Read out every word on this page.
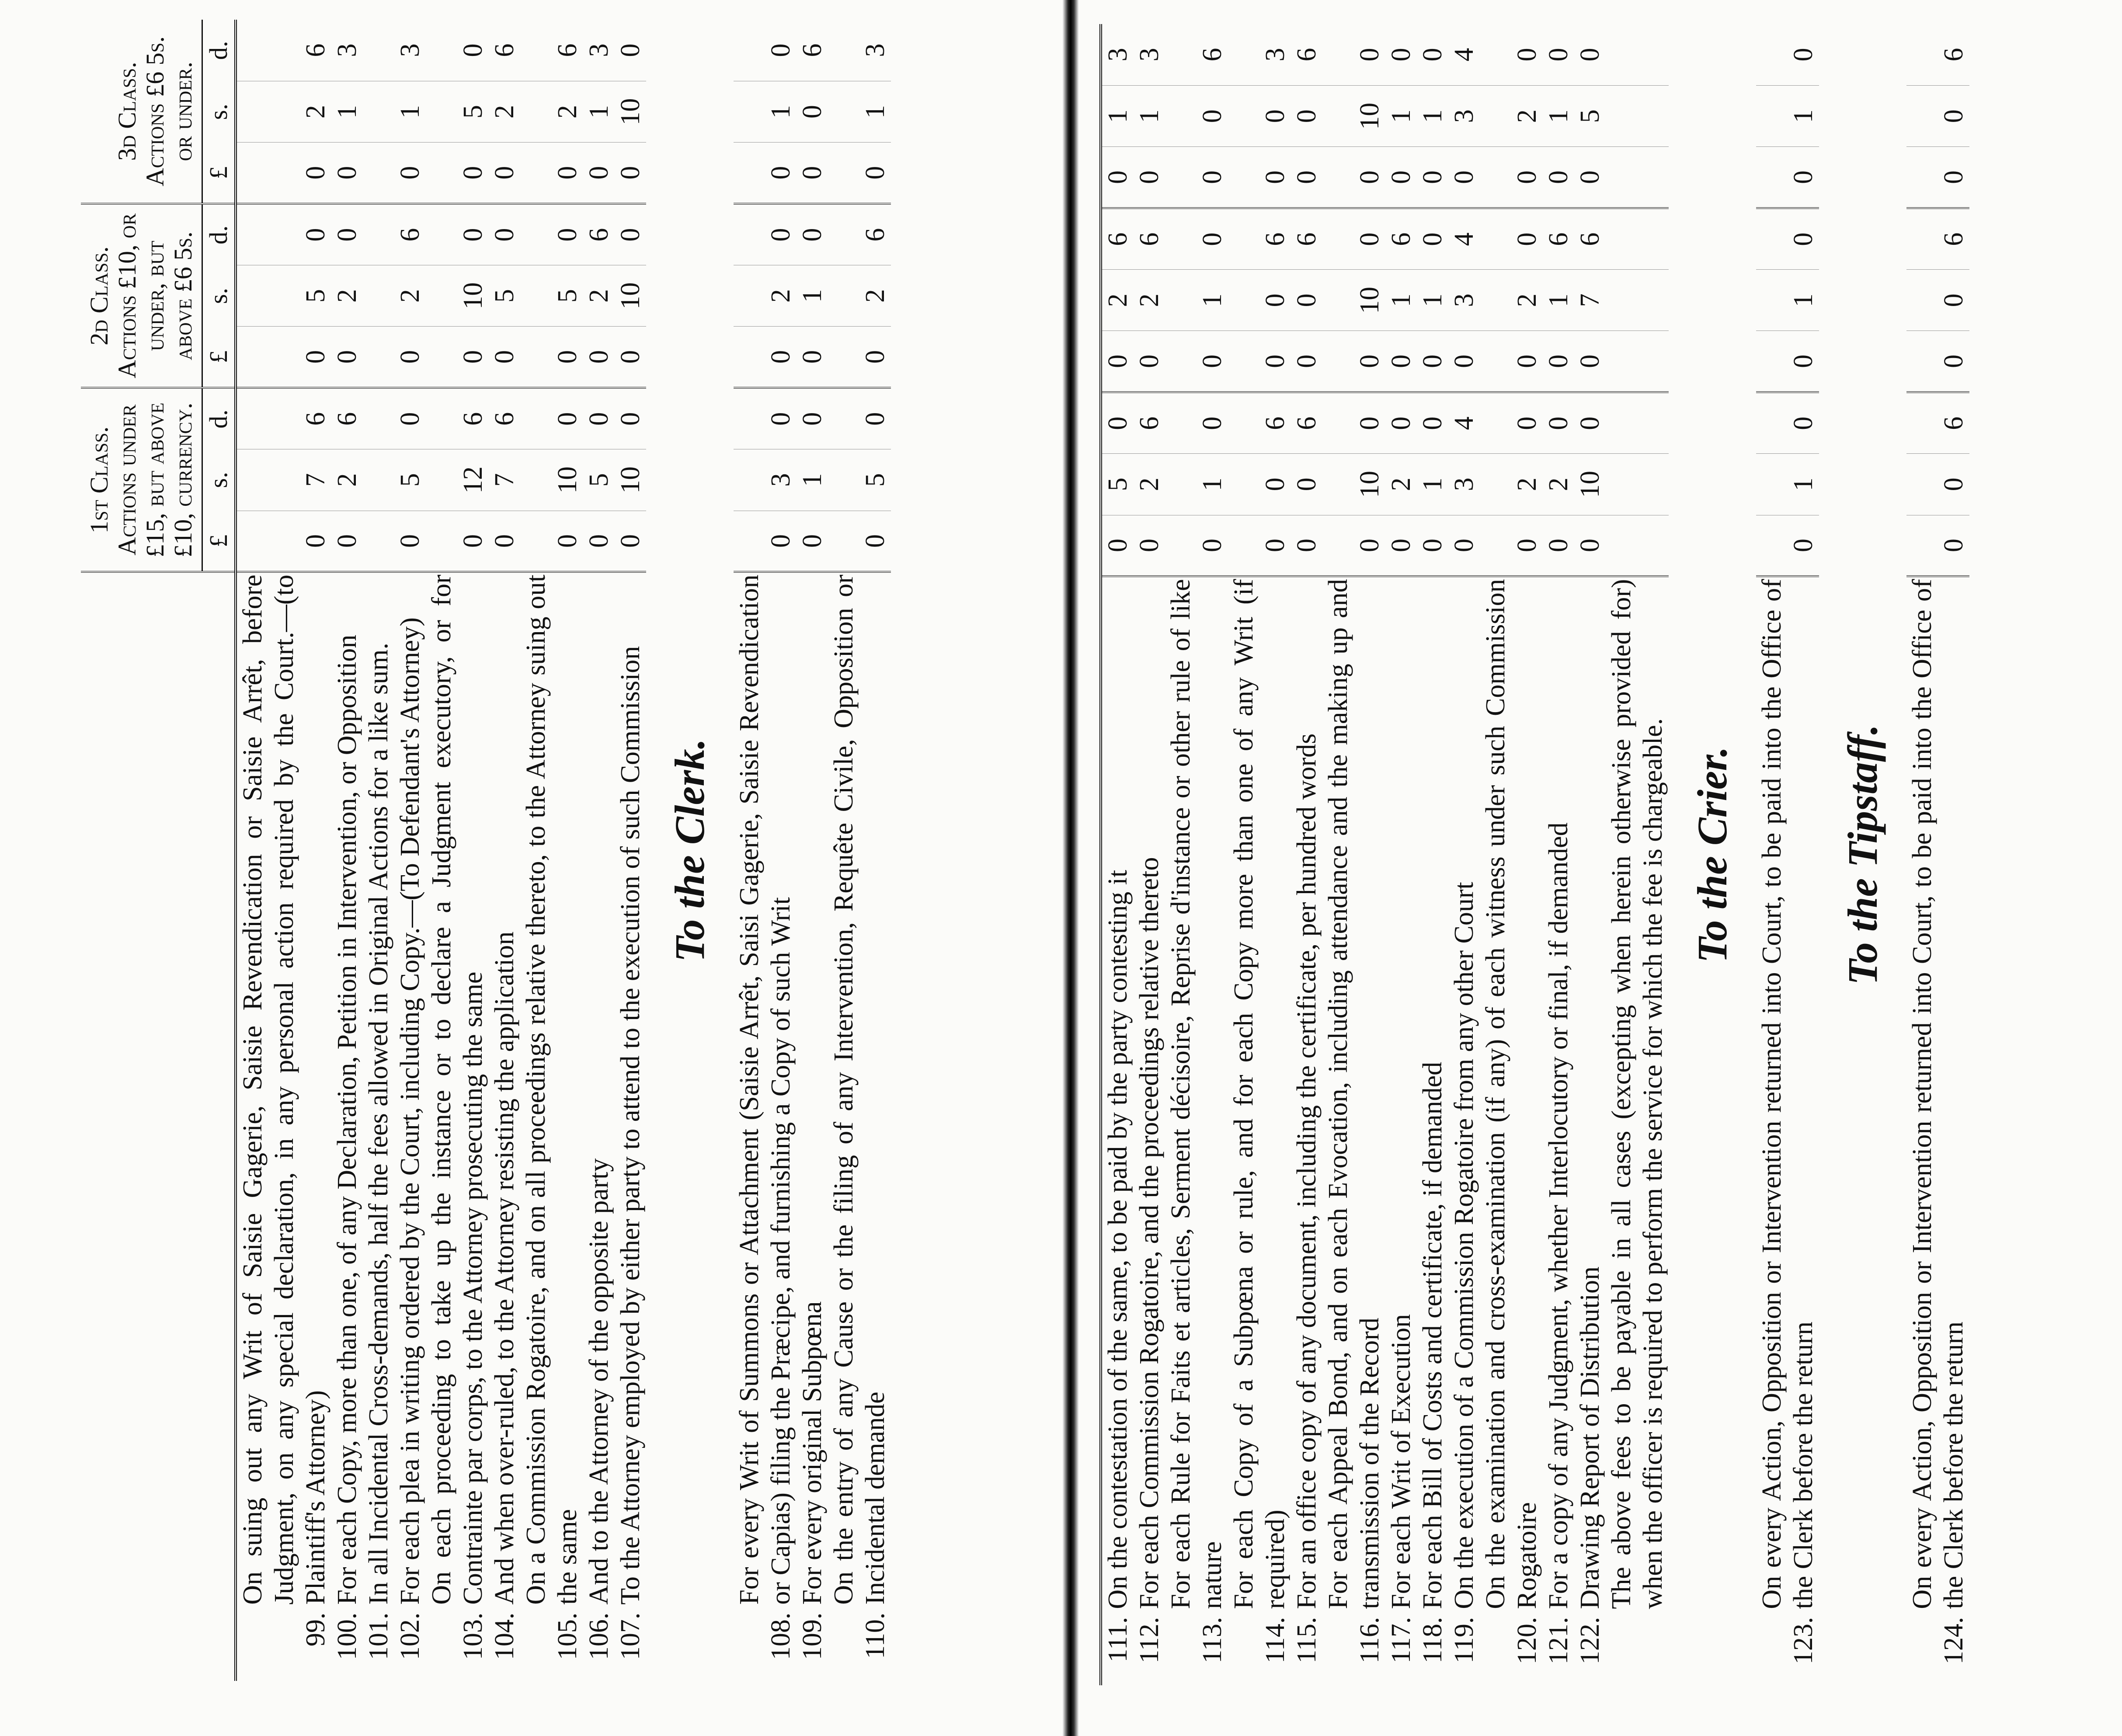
		1st Class. Actions under £15, but above £10, currency.			2d Class. Actions £10, or under, but above £6 5s.			3d Class. Actions £6 5s. or under.		
		£	s.	d.	£	s.	d.	£	s.	d.
99.	On suing out any Writ of Saisie Gagerie, Saisie Revendication or Saisie Arrêt, before Judgment, on any special declaration, in any personal action required by the Court.—(to Plaintiff's Attorney)	0	7	6	0	5	0	0	2	6
100.	For each Copy, more than one, of any Declaration, Petition in Intervention, or Opposition	0	2	6	0	2	0	0	1	3
101.	In all Incidental Cross-demands, half the fees allowed in Original Actions for a like sum.									
102.	For each plea in writing ordered by the Court, including Copy.—(To Defendant's Attorney)	0	5	0	0	2	6	0	1	3
103.	On each proceeding to take up the instance or to declare a Judgment executory, or for Contrainte par corps, to the Attorney prosecuting the same	0	12	6	0	10	0	0	5	0
104.	And when over-ruled, to the Attorney resisting the application	0	7	6	0	5	0	0	2	6
105.	On a Commission Rogatoire, and on all proceedings relative thereto, to the Attorney suing out the same	0	10	0	0	5	0	0	2	6
106.	And to the Attorney of the opposite party	0	5	0	0	2	6	0	1	3
107.	To the Attorney employed by either party to attend to the execution of such Commission	0	10	0	0	10	0	0	10	0
To the Clerk.										
108.	For every Writ of Summons or Attachment (Saisie Arrêt, Saisi Gagerie, Saisie Revendication or Capias) filing the Præcipe, and furnishing a Copy of such Writ	0	3	0	0	2	0	0	1	0
109.	For every original Subpœna	0	1	0	0	1	0	0	0	6
110.	On the entry of any Cause or the filing of any Intervention, Requête Civile, Opposition or Incidental demande	0	5	0	0	2	6	0	1	3

111.	On the contestation of the same, to be paid by the party contesting it	0	5	0	0	2	6	0	1	3
112.	For each Commission Rogatoire, and the proceedings relative thereto	0	2	6	0	2	6	0	1	3
113.	For each Rule for Faits et articles, Serment décisoire, Reprise d'instance or other rule of like nature	0	1	0	0	1	0	0	0	6
114.	For each Copy of a Subpœna or rule, and for each Copy more than one of any Writ (if required)	0	0	6	0	0	6	0	0	3
115.	For an office copy of any document, including the certificate, per hundred words	0	0	6	0	0	6	0	0	6
116.	For each Appeal Bond, and on each Evocation, including attendance and the making up and transmission of the Record	0	10	0	0	10	0	0	10	0
117.	For each Writ of Execution	0	2	0	0	1	6	0	1	0
118.	For each Bill of Costs and certificate, if demanded	0	1	0	0	1	0	0	1	0
119.	On the execution of a Commission Rogatoire from any other Court	0	3	4	0	3	4	0	3	4
120.	On the examination and cross-examination (if any) of each witness under such Commission Rogatoire	0	2	0	0	2	0	0	2	0
121.	For a copy of any Judgment, whether Interlocutory or final, if demanded	0	2	0	0	1	6	0	1	0
122.	Drawing Report of Distribution	0	10	0	0	7	6	0	5	0
	The above fees to be payable in all cases (excepting when herein otherwise provided for) when the officer is required to perform the service for which the fee is chargeable.									
To the Crier.										
123.	On every Action, Opposition or Intervention returned into Court, to be paid into the Office of the Clerk before the return	0	1	0	0	1	0	0	1	0
To the Tipstaff.										
124.	On every Action, Opposition or Intervention returned into Court, to be paid into the Office of the Clerk before the return	0	0	6	0	0	6	0	0	6
